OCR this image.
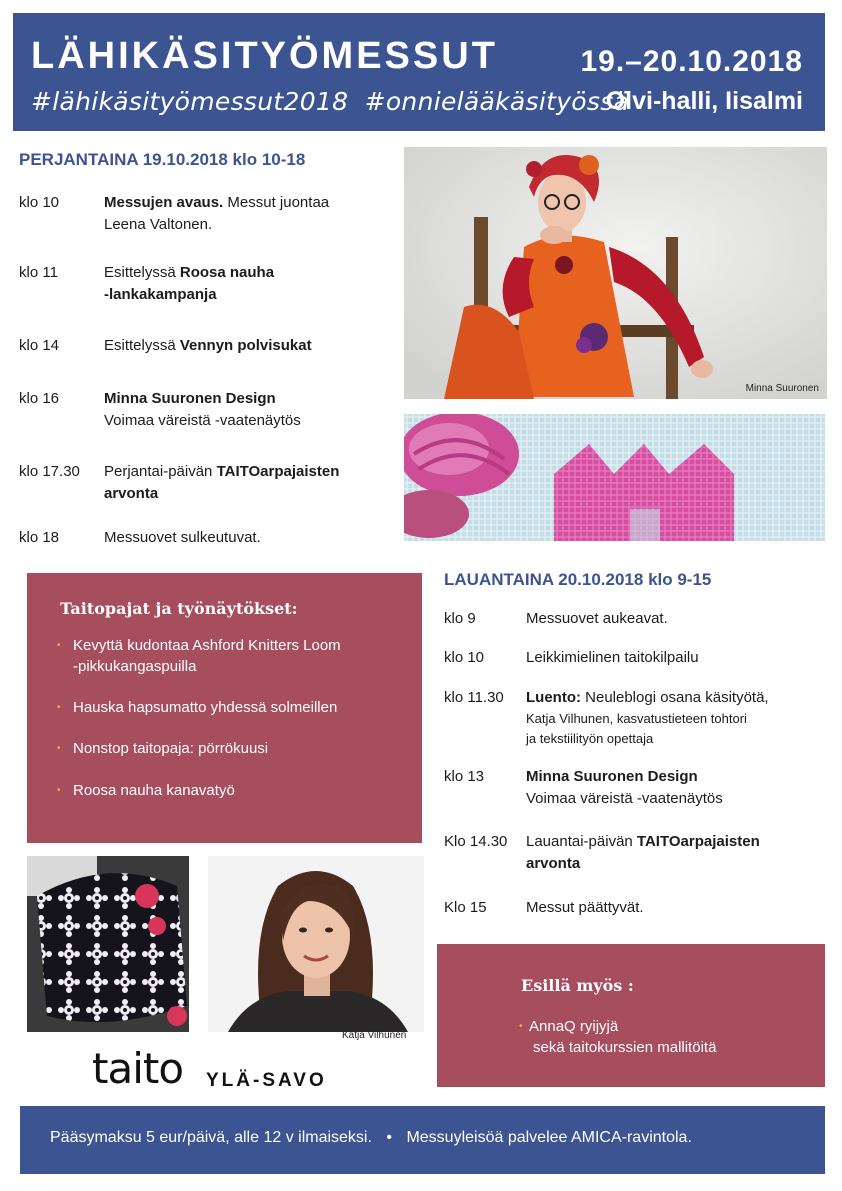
LÄHIKÄSITYÖMESSUT	19.–20.10.2018
#lähikäsityömessut2018 #onnielääkäsityössä
Olvi-halli, Iisalmi
PERJANTAINA 19.10.2018 klo 10-18
klo 10	Messujen avaus. Messut juontaa
Leena Valtonen.
klo 11	Esittelyssä Roosa nauha
-lankakampanja
klo 14	Esittelyssä Vennyn polvisukat
klo 16	Minna Suuronen Design
Voimaa väreistä -vaatenäytös
klo 17.30 Perjantai-päivän TAITOarpajaisten
arvonta
klo 18	Messuovet sulkeutuvat.
Minna Suuronen
Taitopajat ja työnäytökset:
• Kevyttä kudontaa Ashford Knitters Loom
-pikkukangaspuilla
• Hauska hapsumatto yhdessä solmeillen
• Nonstop taitopaja: pörrökuusi
• Roosa nauha kanavatyö
LAUANTAINA 20.10.2018 klo 9-15
klo 9	Messuovet aukeavat.
klo 10	Leikkimielinen taitokilpailu
klo 11.30 Luento: Neuleblogi osana käsityötä,
Katja Vilhunen, kasvatustieteen tohtori
ja tekstiilityön opettaja
klo 13	Minna Suuronen Design
Voimaa väreistä -vaatenäytös
Klo 14.30 Lauantai-päivän TAITOarpajaisten
arvonta
Klo 15	Messut päättyvät.
Katja Vilhunen
Esillä myös :
• AnnaQ ryijyjä
sekä taitokurssien mallitöitä
taito YLÄ-SAVO
Pääsymaksu 5 eur/päivä, alle 12 v ilmaiseksi. • Messuyleisöä palvelee AMICA-ravintola.
